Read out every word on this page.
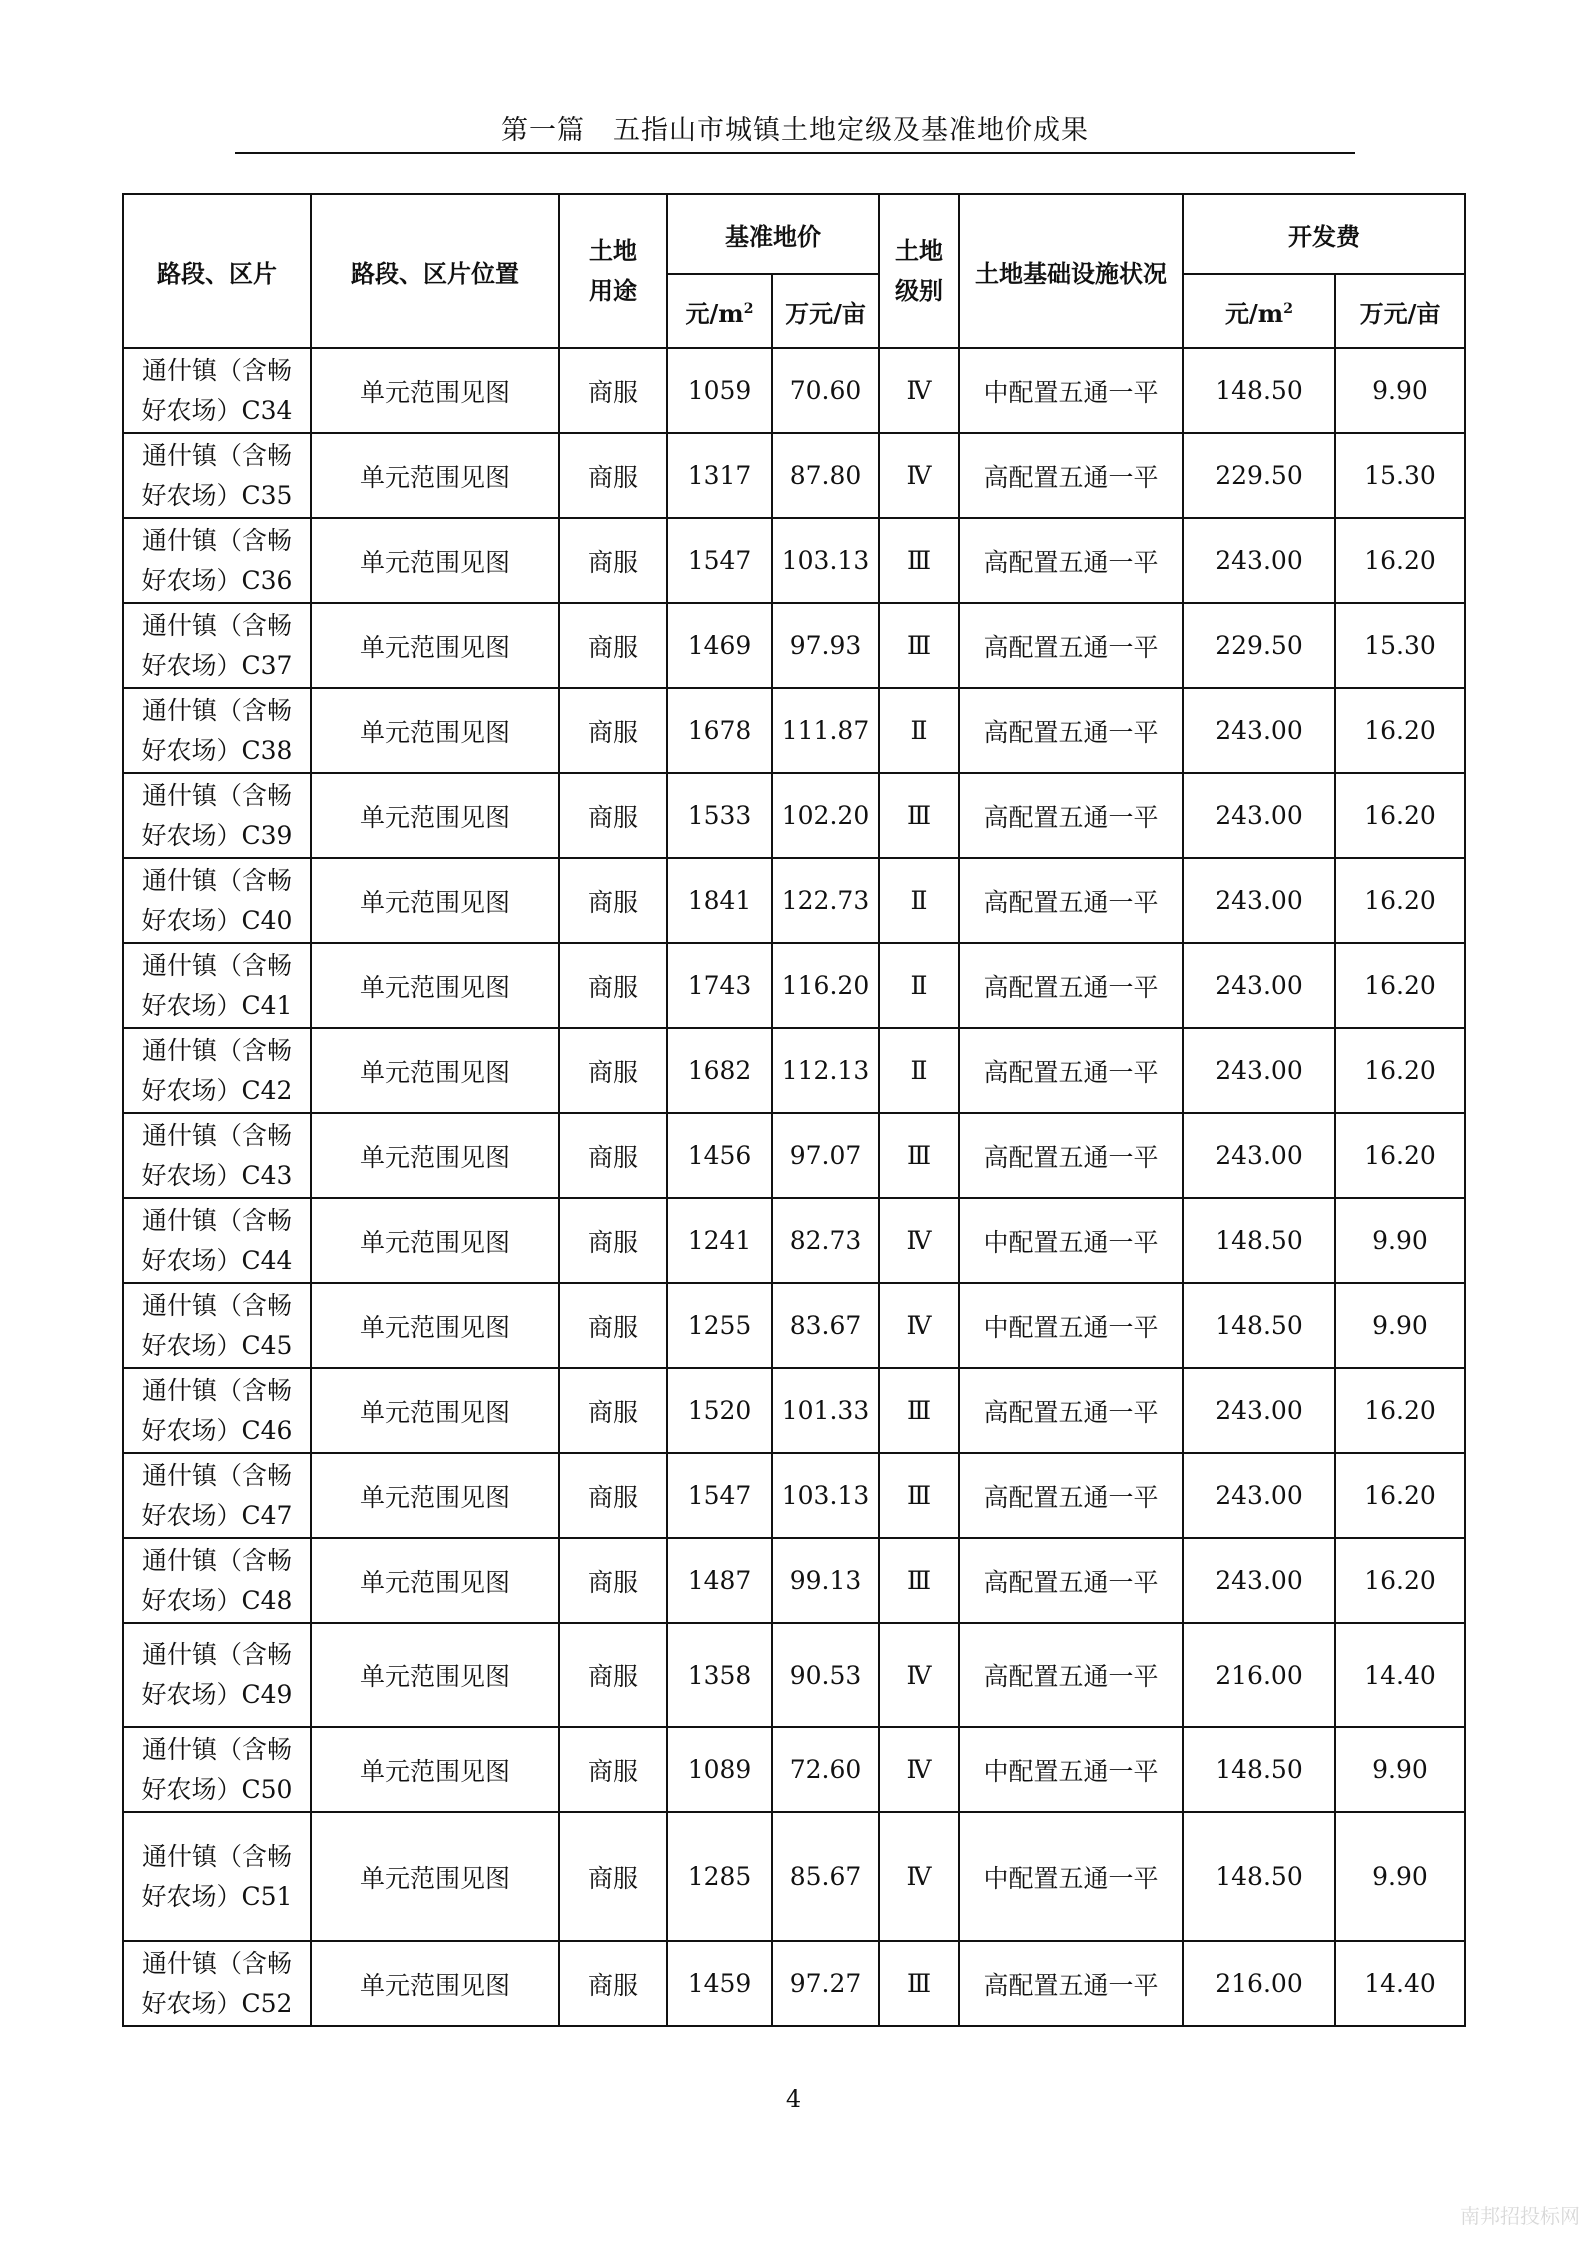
第一篇　五指山市城镇土地定级及基准地价成果
路段、区片	路段、区片位置	土地用途	基准地价		土地级别	土地基础设施状况	开发费	
			元$/m^2$	万元/亩			元$/m^2$	万元/亩

通什镇（含畅
好农场）C34	单元范围见图	商服	1059	70.60	Ⅳ	中配置五通一平	148.50	9.90

通什镇（含畅
好农场）C35	单元范围见图	商服	1317	87.80	Ⅳ	高配置五通一平	229.50	15.30

通什镇（含畅
好农场）C36	单元范围见图	商服	1547	103.13	Ⅲ	高配置五通一平	243.00	16.20

通什镇（含畅
好农场）C37	单元范围见图	商服	1469	97.93	Ⅲ	高配置五通一平	229.50	15.30

通什镇（含畅
好农场）C38	单元范围见图	商服	1678	111.87	Ⅱ	高配置五通一平	243.00	16.20

通什镇（含畅
好农场）C39	单元范围见图	商服	1533	102.20	Ⅲ	高配置五通一平	243.00	16.20

通什镇（含畅
好农场）C40	单元范围见图	商服	1841	122.73	Ⅱ	高配置五通一平	243.00	16.20

通什镇（含畅
好农场）C41	单元范围见图	商服	1743	116.20	Ⅱ	高配置五通一平	243.00	16.20

通什镇（含畅
好农场）C42	单元范围见图	商服	1682	112.13	Ⅱ	高配置五通一平	243.00	16.20

通什镇（含畅
好农场）C43	单元范围见图	商服	1456	97.07	Ⅲ	高配置五通一平	243.00	16.20

通什镇（含畅
好农场）C44	单元范围见图	商服	1241	82.73	Ⅳ	中配置五通一平	148.50	9.90

通什镇（含畅
好农场）C45	单元范围见图	商服	1255	83.67	Ⅳ	中配置五通一平	148.50	9.90

通什镇（含畅
好农场）C46	单元范围见图	商服	1520	101.33	Ⅲ	高配置五通一平	243.00	16.20

通什镇（含畅
好农场）C47	单元范围见图	商服	1547	103.13	Ⅲ	高配置五通一平	243.00	16.20

通什镇（含畅
好农场）C48	单元范围见图	商服	1487	99.13	Ⅲ	高配置五通一平	243.00	16.20

通什镇（含畅
好农场）C49	单元范围见图	商服	1358	90.53	Ⅳ	高配置五通一平	216.00	14.40

通什镇（含畅
好农场）C50	单元范围见图	商服	1089	72.60	Ⅳ	中配置五通一平	148.50	9.90

通什镇（含畅
好农场）C51	单元范围见图	商服	1285	85.67	Ⅳ	中配置五通一平	148.50	9.90

通什镇（含畅
好农场）C52	单元范围见图	商服	1459	97.27	Ⅲ	高配置五通一平	216.00	14.40
4
南邦招投标网
